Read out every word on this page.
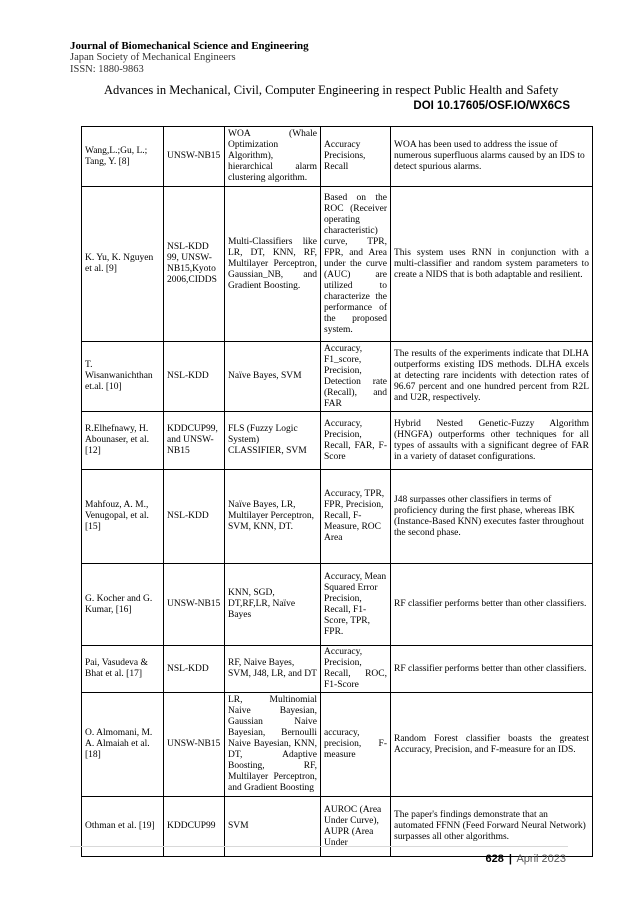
Journal of Biomechanical Science and Engineering
Japan Society of Mechanical Engineers
ISSN: 1880-9863
Advances in Mechanical, Civil, Computer Engineering in respect Public Health and Safety
DOI 10.17605/OSF.IO/WX6CS
Wang,L.;Gu, L.; Tang, Y. [8]	UNSW-NB15	WOA (Whale Optimization Algorithm), hierarchical alarm clustering algorithm.	Accuracy Precisions, Recall	WOA has been used to address the issue of numerous superfluous alarms caused by an IDS to detect spurious alarms.
K. Yu, K. Nguyen et al. [9]	NSL-KDD 99, UNSW-NB15,Kyoto 2006,CIDDS	Multi-Classifiers like LR, DT, KNN, RF, Multilayer Perceptron, Gaussian_NB, and Gradient Boosting.	Based on the ROC (Receiver operating characteristic) curve, TPR, FPR, and Area under the curve (AUC) are utilized to characterize the performance of the proposed system.	This system uses RNN in conjunction with a multi-classifier and random system parameters to create a NIDS that is both adaptable and resilient.
T. Wisanwanichthan et.al. [10]	NSL-KDD	Naïve Bayes, SVM	Accuracy, F1_score, Precision, Detection rate (Recall), and FAR	The results of the experiments indicate that DLHA outperforms existing IDS methods. DLHA excels at detecting rare incidents with detection rates of 96.67 percent and one hundred percent from R2L and U2R, respectively.
R.Elhefnawy, H. Abounaser, et al. [12]	KDDCUP99, and UNSW-NB15	FLS (Fuzzy Logic System) CLASSIFIER, SVM	Accuracy, Precision, Recall, FAR, F-Score	Hybrid Nested Genetic-Fuzzy Algorithm (HNGFA) outperforms other techniques for all types of assaults with a significant degree of FAR in a variety of dataset configurations.
Mahfouz, A. M., Venugopal, et al. [15]	NSL-KDD	Naïve Bayes, LR, Multilayer Perceptron, SVM, KNN, DT.	Accuracy, TPR, FPR, Precision, Recall, F-Measure, ROC Area	J48 surpasses other classifiers in terms of proficiency during the first phase, whereas IBK (Instance-Based KNN) executes faster throughout the second phase.
G. Kocher and G. Kumar, [16]	UNSW-NB15	KNN, SGD, DT,RF,LR, Naïve Bayes	Accuracy, Mean Squared Error Precision, Recall, F1-Score, TPR, FPR.	RF classifier performs better than other classifiers.
Pai, Vasudeva & Bhat et al. [17]	NSL-KDD	RF, Naive Bayes, SVM, J48, LR, and DT	Accuracy, Precision, Recall, ROC, F1-Score	RF classifier performs better than other classifiers.
O. Almomani, M. A. Almaiah et al. [18]	UNSW-NB15	LR, Multinomial Naive Bayesian, Gaussian Naive Bayesian, Bernoulli Naive Bayesian, KNN, DT, Adaptive Boosting, RF, Multilayer Perceptron, and Gradient Boosting	accuracy, precision, F-measure	Random Forest classifier boasts the greatest Accuracy, Precision, and F-measure for an IDS.
Othman et al. [19]	KDDCUP99	SVM	AUROC (Area Under Curve), AUPR (Area Under	The paper's findings demonstrate that an automated FFNN (Feed Forward Neural Network) surpasses all other algorithms.
628 | April 2023
